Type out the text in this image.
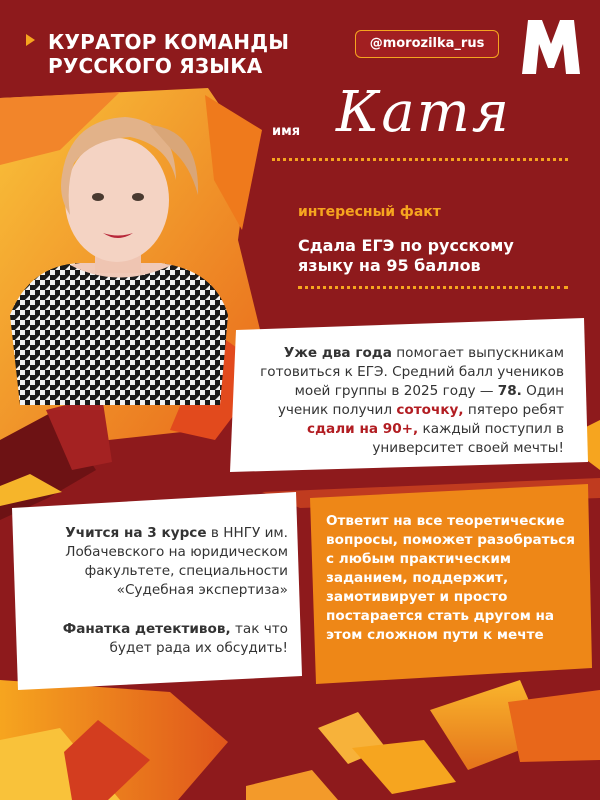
КУРАТОР КОМАНДЫ
РУССКОГО ЯЗЫКА
@morozilka_rus
имя Катя
интересный факт
Сдала ЕГЭ по русскому языку на 95 баллов
Уже два года помогает выпускникам готовиться к ЕГЭ. Средний балл учеников моей группы в 2025 году — 78. Один ученик получил соточку, пятеро ребят сдали на 90+, каждый поступил в университет своей мечты!

Учится на 3 курсе в ННГУ им. Лобачевского на юридическом факультете, специальности «Судебная экспертиза»

Фанатка детективов, так что будет рада их обсудить!

Ответит на все теоретические вопросы, поможет разобраться с любым практическим заданием, поддержит, замотивирует и просто постарается стать другом на этом сложном пути к мечте
